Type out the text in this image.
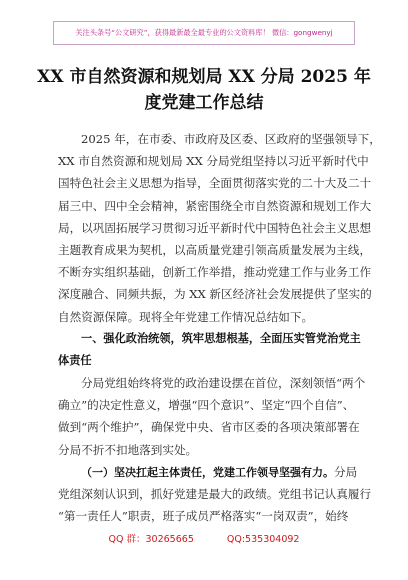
关注头条号“公文研究”，获得最新最全最专业的公文资料库！ 微信：gongwenyj
XX 市自然资源和规划局 XX 分局 2025 年
度党建工作总结
2025 年，在市委、市政府及区委、区政府的坚强领导下，
XX 市自然资源和规划局 XX 分局党组坚持以习近平新时代中
国特色社会主义思想为指导，全面贯彻落实党的二十大及二十
届三中、四中全会精神，紧密围绕全市自然资源和规划工作大
局，以巩固拓展学习贯彻习近平新时代中国特色社会主义思想
主题教育成果为契机，以高质量党建引领高质量发展为主线，
不断夯实组织基础，创新工作举措，推动党建工作与业务工作
深度融合、同频共振，为 XX 新区经济社会发展提供了坚实的
自然资源保障。现将全年党建工作情况总结如下。
一、强化政治统领，筑牢思想根基，全面压实管党治党主
体责任
分局党组始终将党的政治建设摆在首位，深刻领悟“两个
确立”的决定性意义，增强“四个意识”、坚定“四个自信”、
做到“两个维护”，确保党中央、省市区委的各项决策部署在
分局不折不扣地落到实处。
（一）坚决扛起主体责任，党建工作领导坚强有力。分局
党组深刻认识到，抓好党建是最大的政绩。党组书记认真履行
“第一责任人”职责，班子成员严格落实“一岗双责”，始终
QQ 群：30265665	QQ:535304092
